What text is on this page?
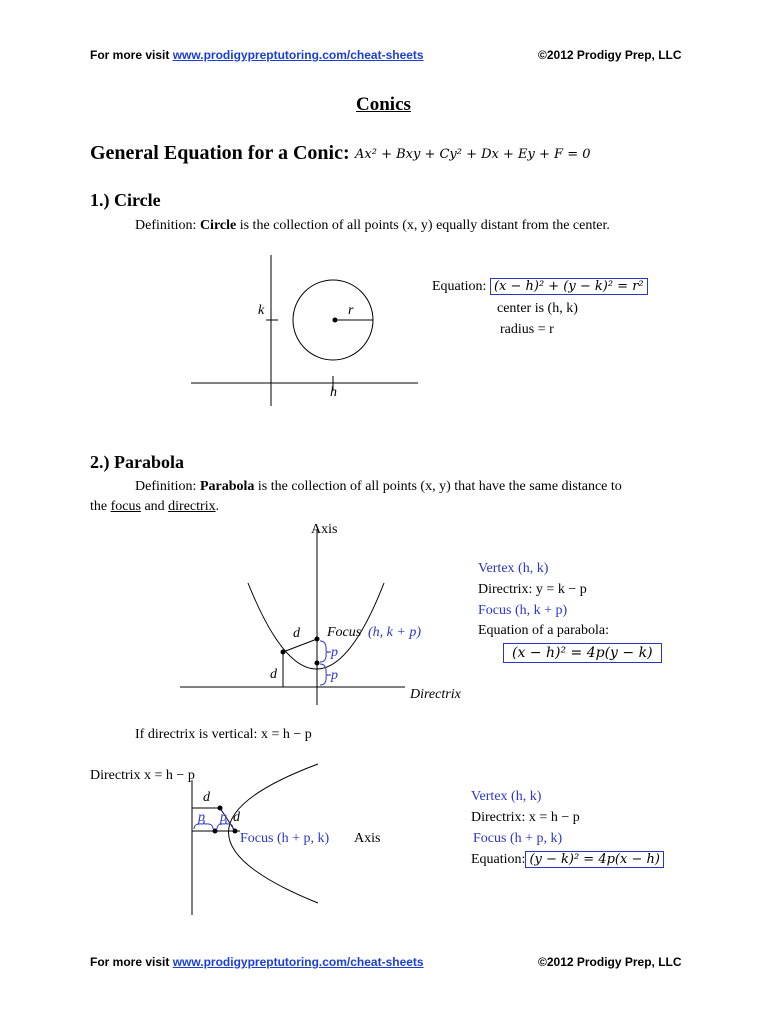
For more visit www.prodigypreptutoring.com/cheat-sheets	©2012 Prodigy Prep, LLC
Conics
General Equation for a Conic: Ax² + Bxy + Cy² + Dx + Ey + F = 0
1.) Circle
Definition: Circle is the collection of all points (x, y) equally distant from the center.
k	r
h
Axis
d
d
Focus (h, k + p)
p
p
Directrix
d
d
p p
Equation: (x − h)² + (y − k)² = r²
center is (h, k)
radius = r
2.) Parabola
Definition: Parabola is the collection of all points (x, y) that have the same distance to
the focus and directrix.
Vertex (h, k)
Directrix: y = k − p
Focus (h, k + p)
Equation of a parabola:
(x − h)² = 4p(y − k)
If directrix is vertical: x = h − p
Directrix x = h − p
Focus (h + p, k) Axis
Vertex (h, k)
Directrix: x = h − p
Focus (h + p, k)
Equation: (y − k)² = 4p(x − h)
For more visit www.prodigypreptutoring.com/cheat-sheets	©2012 Prodigy Prep, LLC
